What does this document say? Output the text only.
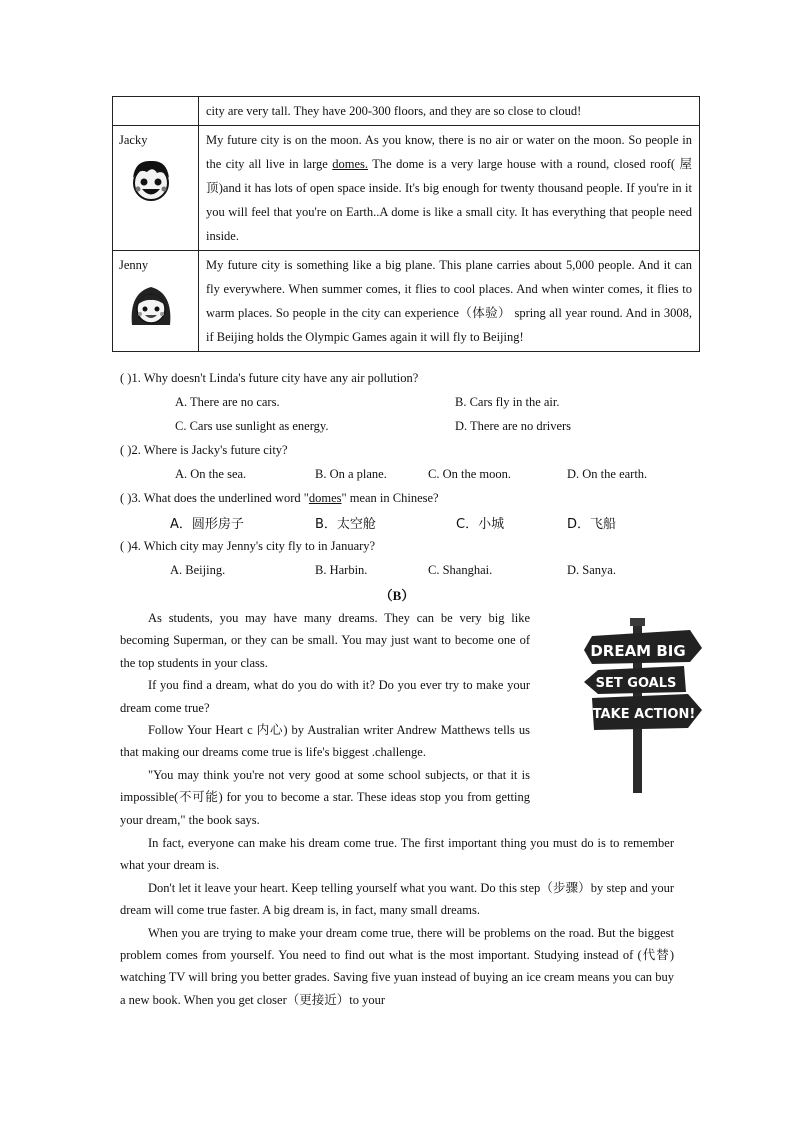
	city are very tall. They have 200-300 floors, and they are so close to cloud!
Jacky	My future city is on the moon. As you know, there is no air or water on the moon. So people in the city all live in large domes. The dome is a very large house with a round, closed roof( 屋顶)and it has lots of open space inside. It's big enough for twenty thousand people. If you're in it you will feel that you're on Earth..A dome is like a small city. It has everything that people need inside.
Jenny	My future city is something like a big plane. This plane carries about 5,000 people. And it can fly everywhere. When summer comes, it flies to cool places. And when winter comes, it flies to warm places. So people in the city can experience（体验） spring all year round. And in 3008, if Beijing holds the Olympic Games again it will fly to Beijing!
( )1. Why doesn't Linda's future city have any air pollution?
A. There are no cars.	B. Cars fly in the air.
C. Cars use sunlight as energy.	D. There are no drivers
( )2. Where is Jacky's future city?
A. On the sea.	B. On a plane.	C. On the moon.	D. On the earth.
( )3. What does the underlined word "domes" mean in Chinese?
A．圆形房子	B．太空舱	C．小城	D．飞船
( )4. Which city may Jenny's city fly to in January?
A. Beijing.	B. Harbin.	C. Shanghai.	D. Sanya.
（B）

As students, you may have many dreams. They can be very big like becoming Superman, or they can be small. You may just want to become one of the top students in your class.

If you find a dream, what do you do with it? Do you ever try to make your dream come true?

Follow Your Heart c 内心) by Australian writer Andrew Matthews tells us that making our dreams come true is life's biggest .challenge.

"You may think you're not very good at some school subjects, or that it is impossible(不可能) for you to become a star. These ideas stop you from getting your dream," the book says.

DREAM BIG
SET GOALS
TAKE ACTION!

In fact, everyone can make his dream come true. The first important thing you must do is to remember what your dream is.

Don't let it leave your heart. Keep telling yourself what you want. Do this step（步骤）by step and your dream will come true faster. A big dream is, in fact, many small dreams.

When you are trying to make your dream come true, there will be problems on the road. But the biggest problem comes from yourself. You need to find out what is the most important. Studying instead of (代替) watching TV will bring you better grades. Saving five yuan instead of buying an ice cream means you can buy a new book. When you get closer（更接近）to your
